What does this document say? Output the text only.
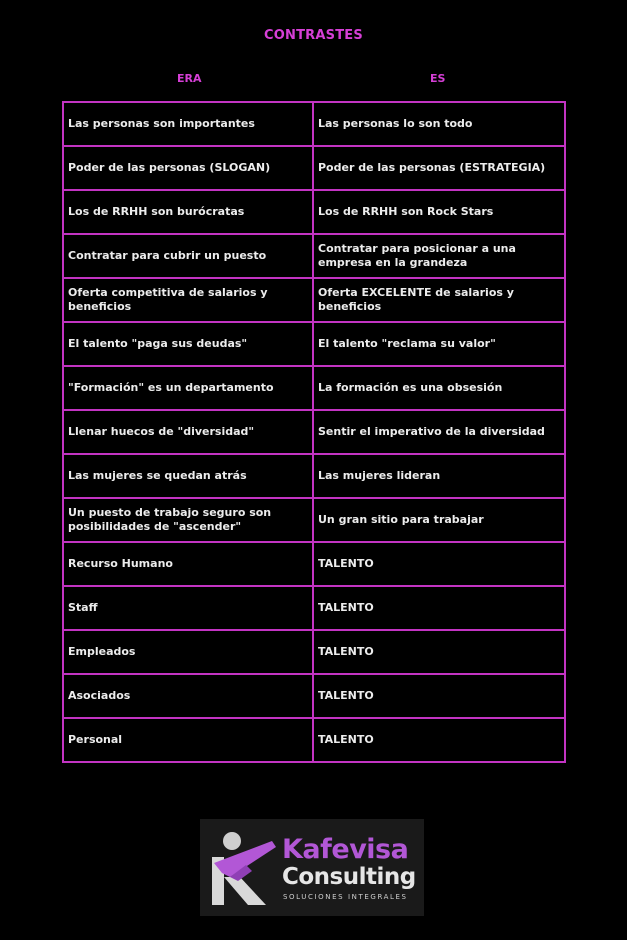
CONTRASTES
ERA	ES
Las personas son importantes	Las personas lo son todo
Poder de las personas (SLOGAN)	Poder de las personas (ESTRATEGIA)
Los de RRHH son burócratas	Los de RRHH son Rock Stars
Contratar para cubrir un puesto	Contratar para posicionar a una empresa en la grandeza
Oferta competitiva de salarios y beneficios	Oferta EXCELENTE de salarios y beneficios
El talento "paga sus deudas"	El talento "reclama su valor"
"Formación" es un departamento	La formación es una obsesión
Llenar huecos de "diversidad"	Sentir el imperativo de la diversidad
Las mujeres se quedan atrás	Las mujeres lideran
Un puesto de trabajo seguro son posibilidades de "ascender"	Un gran sitio para trabajar
Recurso Humano	TALENTO
Staff	TALENTO
Empleados	TALENTO
Asociados	TALENTO
Personal	TALENTO
Kafevisa
Consulting
SOLUCIONES INTEGRALES
